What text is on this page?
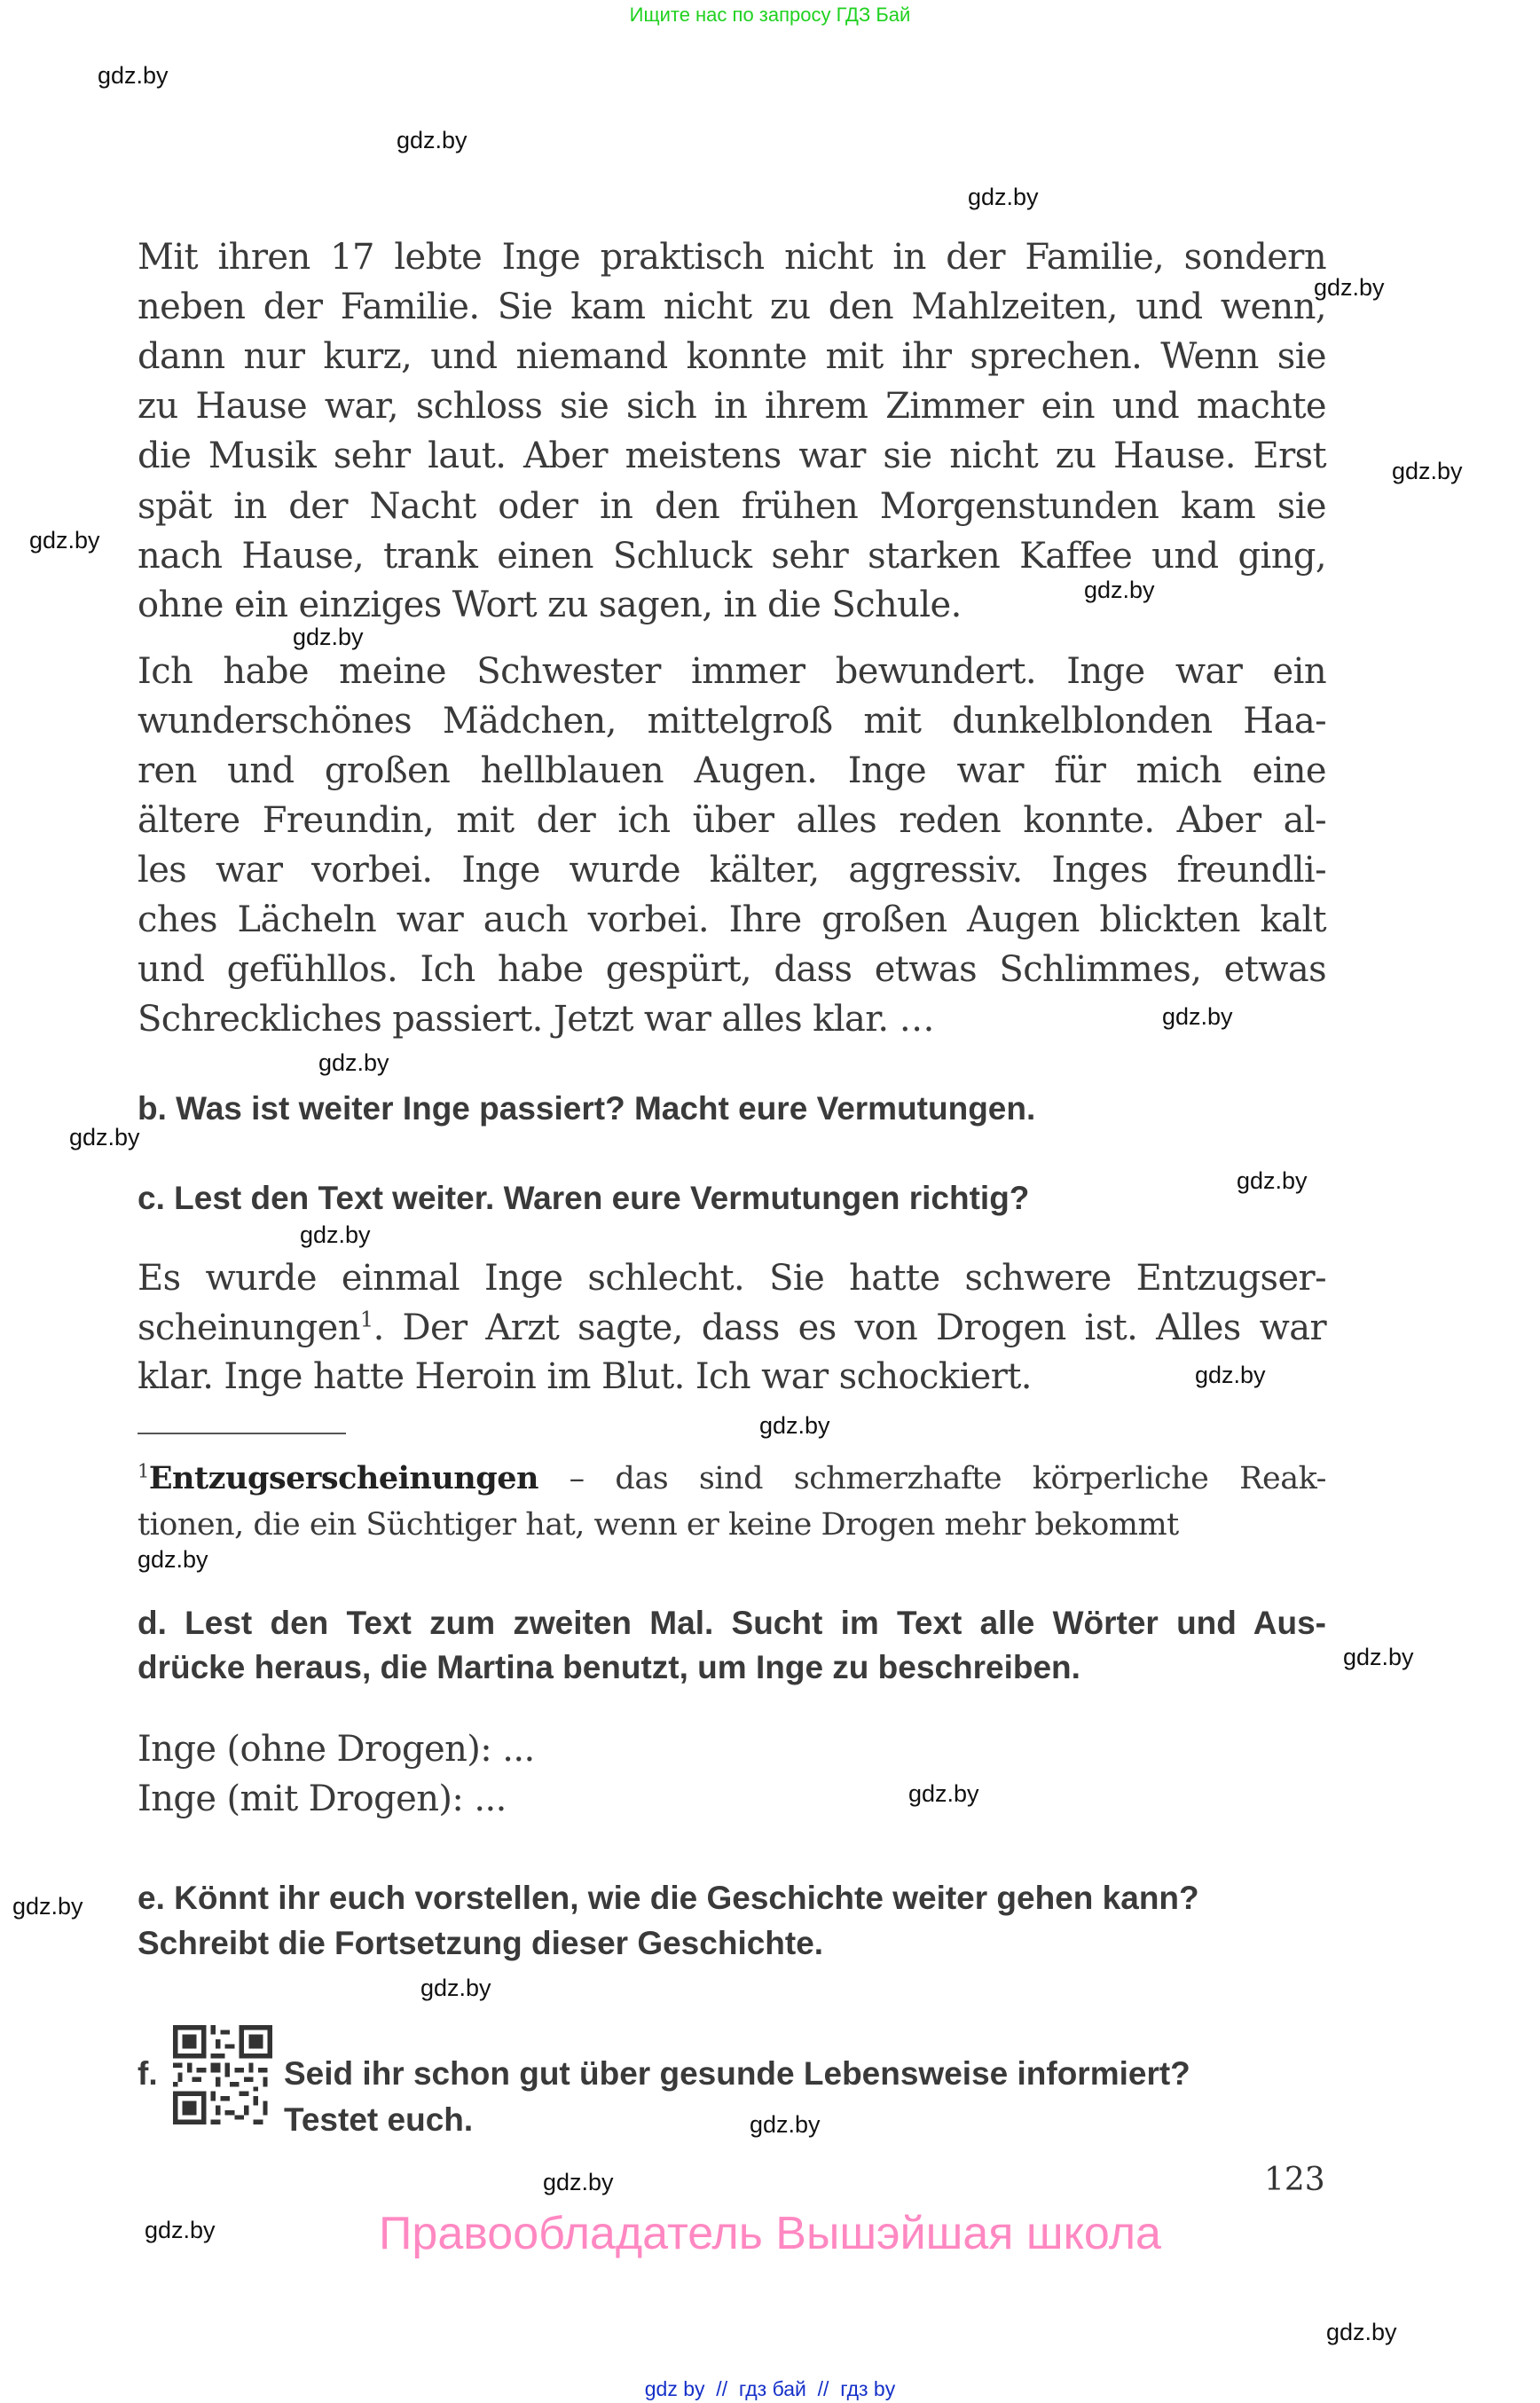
Ищите нас по запросу ГДЗ Бай
gdz.by
gdz.by
gdz.by
gdz.by
gdz.by
gdz.by
gdz.by
gdz.by
gdz.by
gdz.by
gdz.by
gdz.by
gdz.by
gdz.by
gdz.by
gdz.by
gdz.by
gdz.by
gdz.by
gdz.by
gdz.by
gdz.by
gdz.by
gdz.by
Mit ihren 17 lebte Inge praktisch nicht in der Familie, sondern
neben der Familie. Sie kam nicht zu den Mahlzeiten, und wenn,
dann nur kurz, und niemand konnte mit ihr sprechen. Wenn sie
zu Hause war, schloss sie sich in ihrem Zimmer ein und machte
die Musik sehr laut. Aber meistens war sie nicht zu Hause. Erst
spät in der Nacht oder in den frühen Morgenstunden kam sie
nach Hause, trank einen Schluck sehr starken Kaffee und ging,
ohne ein einziges Wort zu sagen, in die Schule.
Ich habe meine Schwester immer bewundert. Inge war ein
wunderschönes Mädchen, mittelgroß mit dunkelblonden Haa-
ren und großen hellblauen Augen. Inge war für mich eine
ältere Freundin, mit der ich über alles reden konnte. Aber al-
les war vorbei. Inge wurde kälter, aggressiv. Inges freundli-
ches Lächeln war auch vorbei. Ihre großen Augen blickten kalt
und gefühllos. Ich habe gespürt, dass etwas Schlimmes, etwas
Schreckliches passiert. Jetzt war alles klar. …
b. Was ist weiter Inge passiert? Macht eure Vermutungen.
c. Lest den Text weiter. Waren eure Vermutungen richtig?
Es wurde einmal Inge schlecht. Sie hatte schwere Entzugser-
scheinungen$^1$. Der Arzt sagte, dass es von Drogen ist. Alles war
klar. Inge hatte Heroin im Blut. Ich war schockiert.
$^1$Entzugserscheinungen – das sind schmerzhafte körperliche Reak-
tionen, die ein Süchtiger hat, wenn er keine Drogen mehr bekommt
d. Lest den Text zum zweiten Mal. Sucht im Text alle Wörter und Aus-
drücke heraus, die Martina benutzt, um Inge zu beschreiben.
Inge (ohne Drogen): ...
Inge (mit Drogen): ...
e. Könnt ihr euch vorstellen, wie die Geschichte weiter gehen kann?
Schreibt die Fortsetzung dieser Geschichte.
f.	Seid ihr schon gut über gesunde Lebensweise informiert?
Testet euch.
123
Правообладатель Вышэйшая школа
gdz by  //  гдз бай  //  гдз by
